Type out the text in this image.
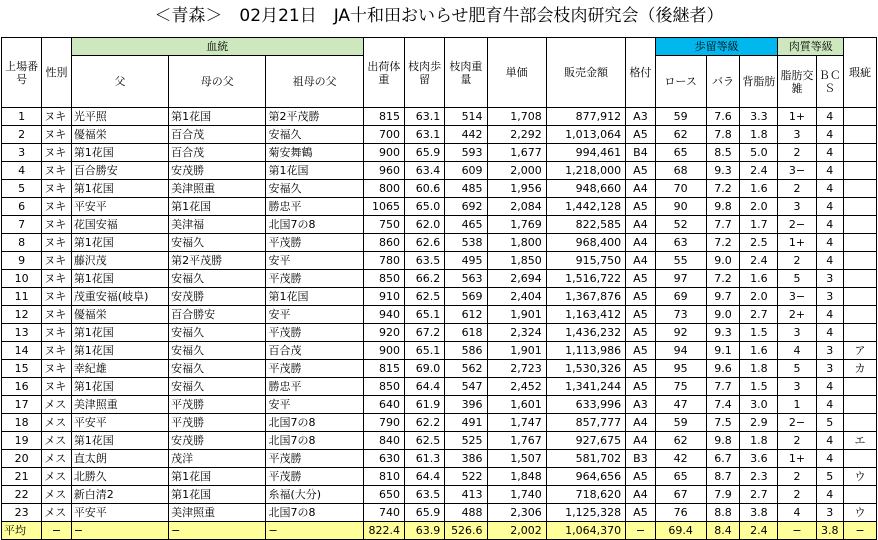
＜青森＞　02月21日　JA十和田おいらせ肥育牛部会枝肉研究会（後継者）
上場番号	性別	血統			出荷体重	枝肉歩留	枝肉重量	単価	販売金額	格付	歩留等級			肉質等級		瑕疵
		父	母の父	祖母の父							ロース	バラ	背脂肪	脂肪交雑	ＢＣＳ	
1	ヌキ	光平照	第1花国	第2平茂勝	815	63.1	514	1,708	877,912	A3	59	7.6	3.3	1+	4	
2	ヌキ	優福栄	百合茂	安福久	700	63.1	442	2,292	1,013,064	A5	62	7.8	1.8	3	4	
3	ヌキ	第1花国	百合茂	菊安舞鶴	900	65.9	593	1,677	994,461	B4	65	8.5	5.0	2	4	
4	ヌキ	百合勝安	安茂勝	第1花国	960	63.4	609	2,000	1,218,000	A5	68	9.3	2.4	3−	4	
5	ヌキ	第1花国	美津照重	安福久	800	60.6	485	1,956	948,660	A4	70	7.2	1.6	2	4	
6	ヌキ	平安平	第1花国	勝忠平	1065	65.0	692	2,084	1,442,128	A5	90	9.8	2.0	3	4	
7	ヌキ	花国安福	美津福	北国7の8	750	62.0	465	1,769	822,585	A4	52	7.7	1.7	2−	4	
8	ヌキ	第1花国	安福久	平茂勝	860	62.6	538	1,800	968,400	A4	63	7.2	2.5	1+	4	
9	ヌキ	藤沢茂	第2平茂勝	安平	780	63.5	495	1,850	915,750	A4	55	9.0	2.4	2	4	
10	ヌキ	第1花国	安福久	平茂勝	850	66.2	563	2,694	1,516,722	A5	97	7.2	1.6	5	3	
11	ヌキ	茂重安福(岐阜)	安茂勝	第1花国	910	62.5	569	2,404	1,367,876	A5	69	9.7	2.0	3−	3	
12	ヌキ	優福栄	百合勝安	安平	940	65.1	612	1,901	1,163,412	A5	73	9.0	2.7	2+	4	
13	ヌキ	第1花国	安福久	平茂勝	920	67.2	618	2,324	1,436,232	A5	92	9.3	1.5	3	4	
14	ヌキ	第1花国	安福久	百合茂	900	65.1	586	1,901	1,113,986	A5	94	9.1	1.6	4	3	ア
15	ヌキ	幸紀雄	安福久	平茂勝	815	69.0	562	2,723	1,530,326	A5	95	9.6	1.8	5	3	カ
16	ヌキ	第1花国	安福久	勝忠平	850	64.4	547	2,452	1,341,244	A5	75	7.7	1.5	3	4	
17	メス	美津照重	平茂勝	安平	640	61.9	396	1,601	633,996	A3	47	7.4	3.0	1	4	
18	メス	平安平	平茂勝	北国7の8	790	62.2	491	1,747	857,777	A4	59	7.5	2.9	2−	5	
19	メス	第1花国	安茂勝	北国7の8	840	62.5	525	1,767	927,675	A4	62	9.8	1.8	2	4	エ
20	メス	直太朗	茂洋	平茂勝	630	61.3	386	1,507	581,702	B3	42	6.7	3.6	1+	4	
21	メス	北勝久	第1花国	平茂勝	810	64.4	522	1,848	964,656	A5	65	8.7	2.3	2	5	ウ
22	メス	新白清2	第1花国	糸福(大分)	650	63.5	413	1,740	718,620	A4	67	7.9	2.7	2	4	
23	メス	平安平	美津照重	北国7の8	740	65.9	488	2,306	1,125,328	A5	76	8.8	3.8	4	3	ウ
平均	−	−	−	−	822.4	63.9	526.6	2,002	1,064,370	−	69.4	8.4	2.4	−	3.8	−
